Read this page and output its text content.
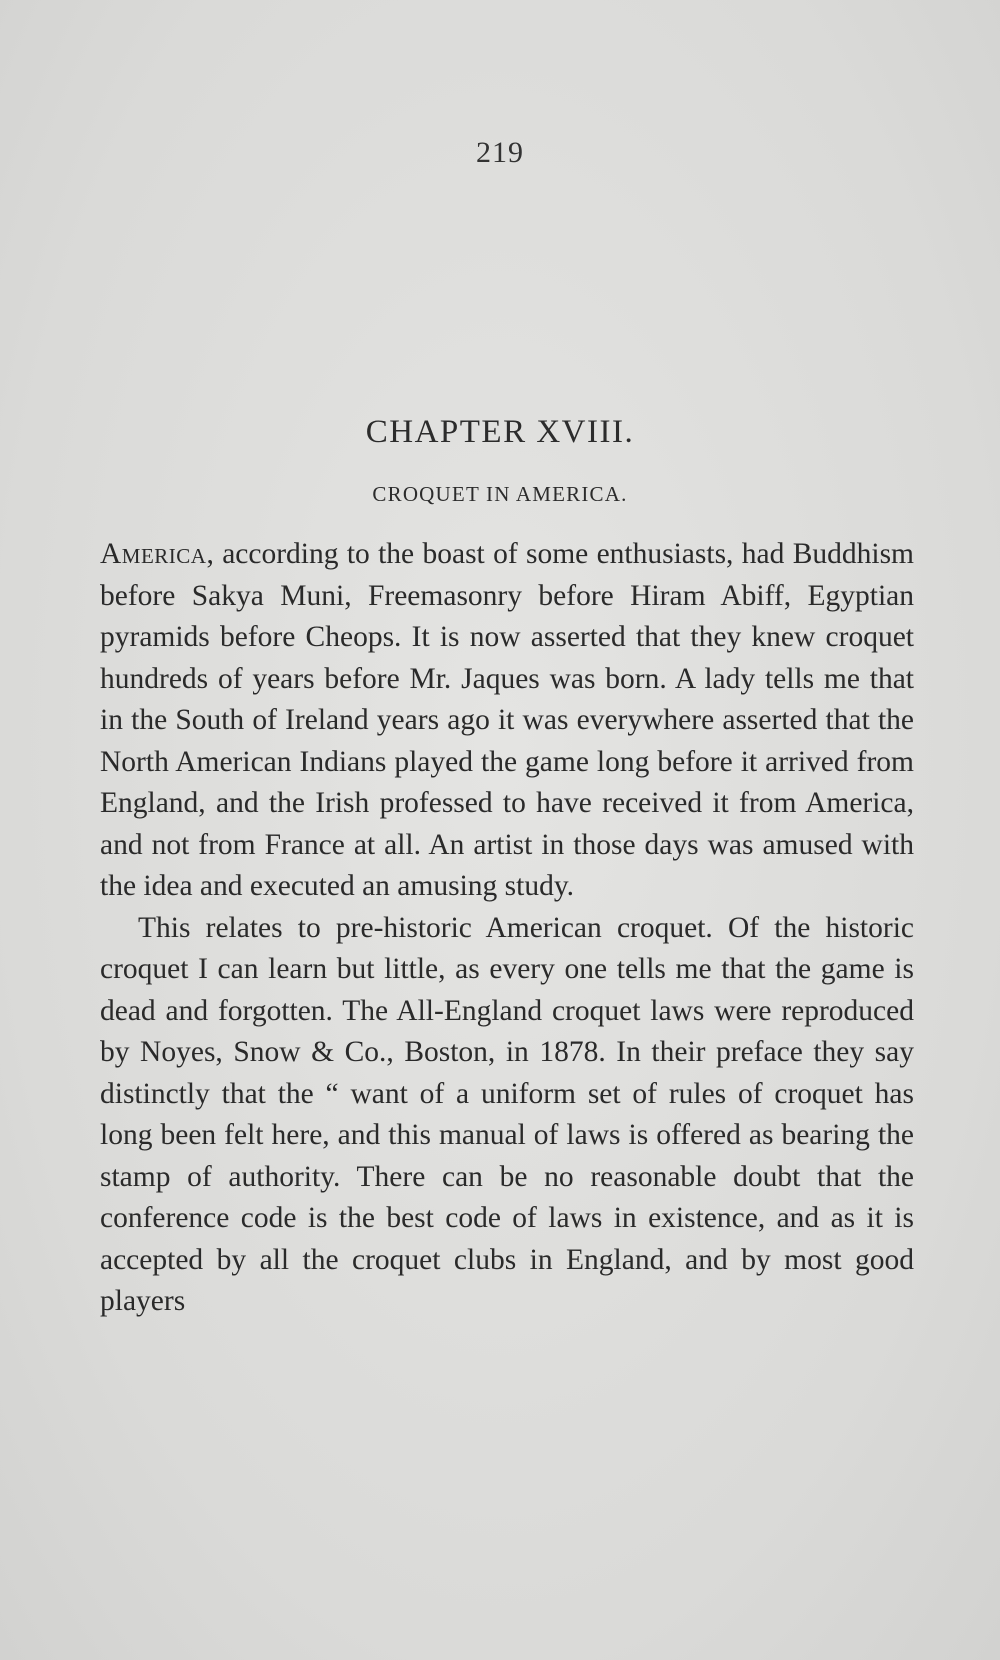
219
CHAPTER XVIII.
CROQUET IN AMERICA.

America, according to the boast of some enthusiasts, had Buddhism before Sakya Muni, Freemasonry before Hiram Abiff, Egyptian pyramids before Cheops. It is now asserted that they knew croquet hundreds of years before Mr. Jaques was born. A lady tells me that in the South of Ireland years ago it was everywhere asserted that the North American Indians played the game long before it arrived from England, and the Irish professed to have received it from America, and not from France at all. An artist in those days was amused with the idea and executed an amusing study.

This relates to pre-historic American croquet. Of the historic croquet I can learn but little, as every one tells me that the game is dead and forgotten. The All-England croquet laws were reproduced by Noyes, Snow & Co., Boston, in 1878. In their preface they say distinctly that the “ want of a uniform set of rules of croquet has long been felt here, and this manual of laws is offered as bearing the stamp of authority. There can be no reasonable doubt that the conference code is the best code of laws in existence, and as it is accepted by all the croquet clubs in England, and by most good players
